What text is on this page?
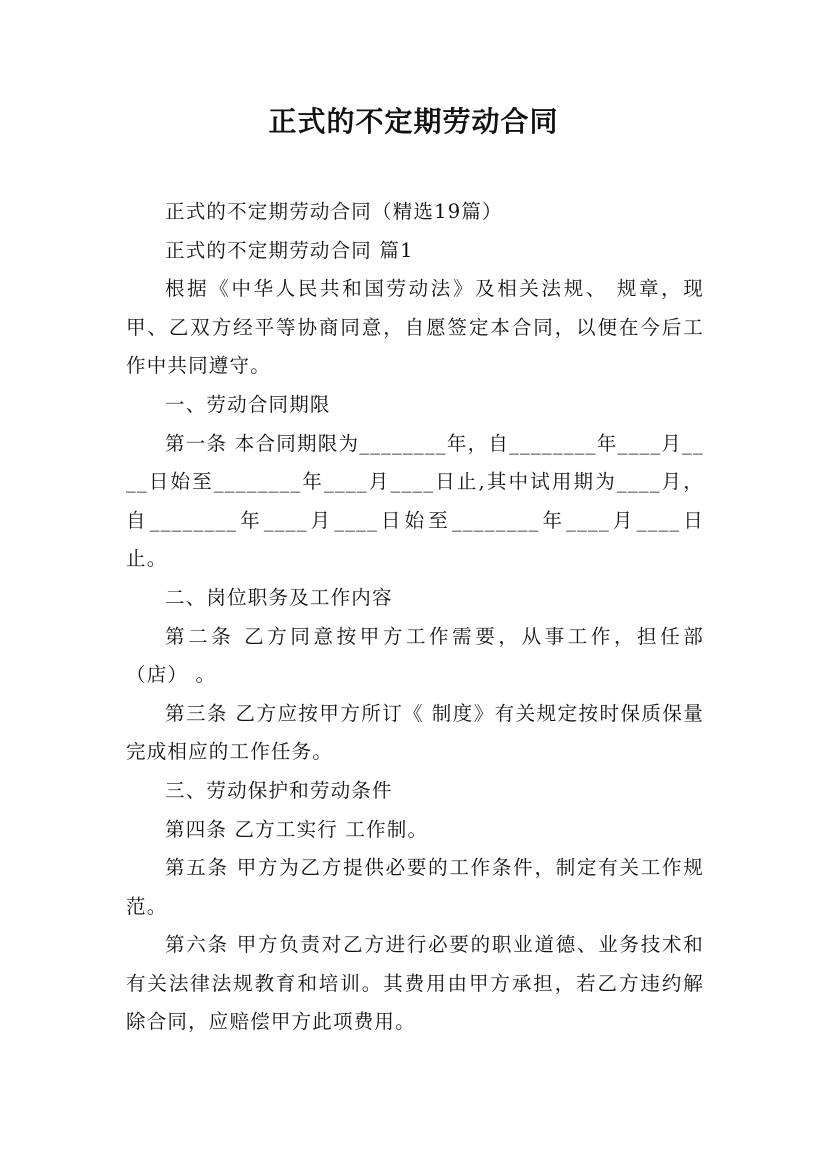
正式的不定期劳动合同

正式的不定期劳动合同（精选19篇）

正式的不定期劳动合同 篇1

根据《中华人民共和国劳动法》及相关法规、 规章，现甲、乙双方经平等协商同意，自愿签定本合同，以便在今后工作中共同遵守。

一、劳动合同期限

第一条 本合同期限为________年，自________年____月____日始至________年____月____日止,其中试用期为____月，自________年____月____日始至________年____月____日 止。

二、岗位职务及工作内容

第二条 乙方同意按甲方工作需要，从事工作，担任部（店） 。

第三条 乙方应按甲方所订《 制度》有关规定按时保质保量完成相应的工作任务。

三、劳动保护和劳动条件

第四条 乙方工实行 工作制。

第五条 甲方为乙方提供必要的工作条件，制定有关工作规范。

第六条 甲方负责对乙方进行必要的职业道德、业务技术和有关法律法规教育和培训。其费用由甲方承担，若乙方违约解除合同，应赔偿甲方此项费用。
